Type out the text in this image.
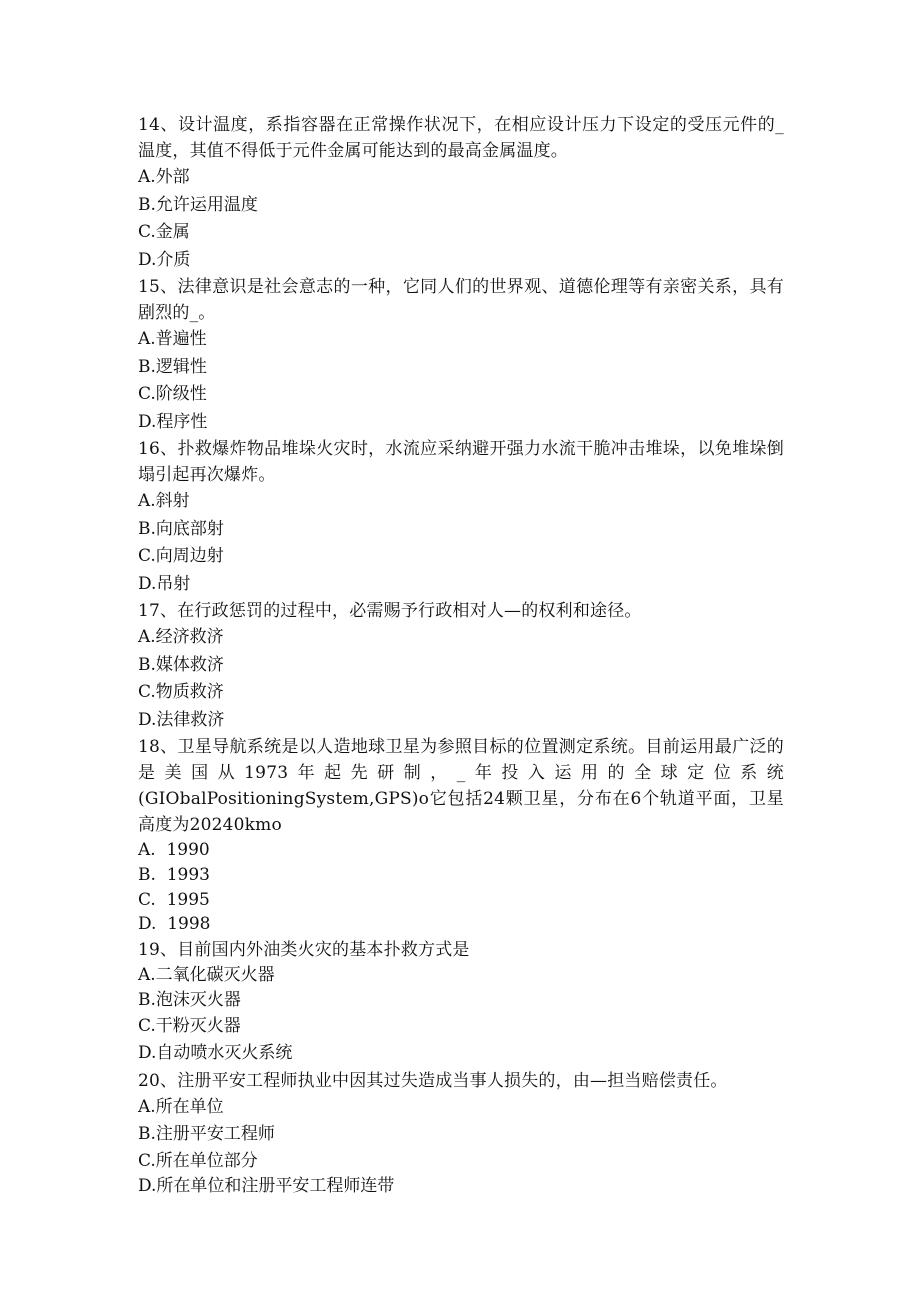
14、设计温度，系指容器在正常操作状况下，在相应设计压力下设定的受压元件的_温度，其值不得低于元件金属可能达到的最高金属温度。

A.外部

B.允许运用温度

C.金属

D.介质

15、法律意识是社会意志的一种，它同人们的世界观、道德伦理等有亲密关系，具有剧烈的_。

A.普遍性

B.逻辑性

C.阶级性

D.程序性

16、扑救爆炸物品堆垛火灾时，水流应采纳避开强力水流干脆冲击堆垛，以免堆垛倒塌引起再次爆炸。

A.斜射

B.向底部射

C.向周边射

D.吊射

17、在行政惩罚的过程中，必需赐予行政相对人—的权利和途径。

A.经济救济

B.媒体救济

C.物质救济

D.法律救济

18、卫星导航系统是以人造地球卫星为参照目标的位置测定系统。目前运用最广泛的是美国从1973年起先研制，_年投入运用的全球定位系统(GIObalPositioningSystem,GPS)o它包括24颗卫星，分布在6个轨道平面，卫星高度为20240kmo

A.  1990

B.  1993

C.  1995

D.  1998

19、目前国内外油类火灾的基本扑救方式是

A.二氧化碳灭火器

B.泡沫灭火器

C.干粉灭火器

D.自动喷水灭火系统

20、注册平安工程师执业中因其过失造成当事人损失的，由—担当赔偿责任。

A.所在单位

B.注册平安工程师

C.所在单位部分

D.所在单位和注册平安工程师连带
